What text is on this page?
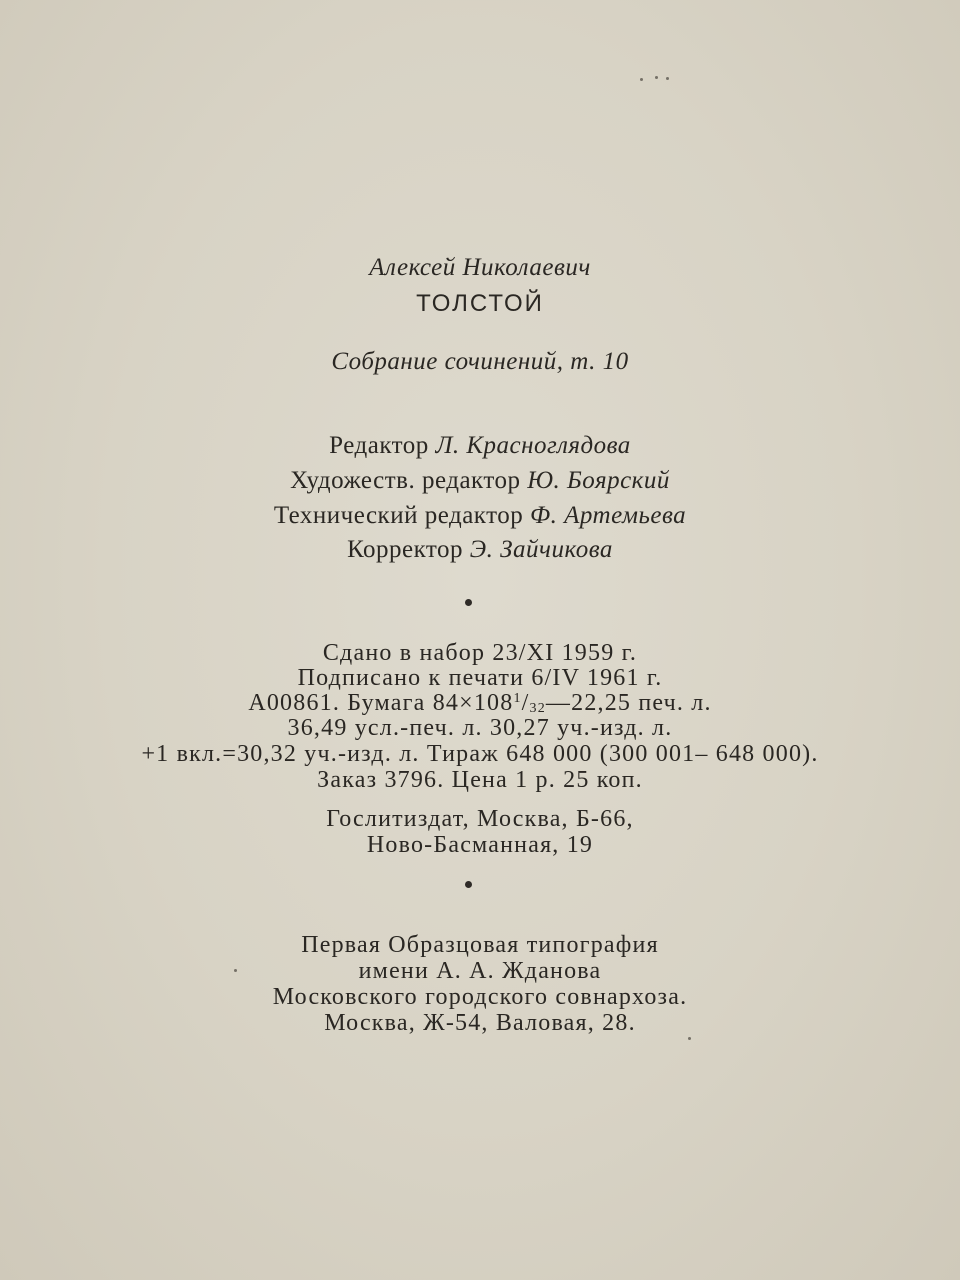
Алексей Николаевич
ТОЛСТОЙ
Собрание сочинений, т. 10
Редактор Л. Красноглядова
Художеств. редактор Ю. Боярский
Технический редактор Ф. Артемьева
Корректор Э. Зайчикова
Сдано в набор 23/XI 1959 г.
Подписано к печати 6/IV 1961 г.
А00861. Бумага $84\times 108^1/32—22,25$ печ. л.
36,49 усл.-печ. л. 30,27 уч.-изд. л.
+1 вкл.=30,32 уч.-изд. л. Тираж 648 000 (300 001– 648 000).
Заказ 3796. Цена 1 р. 25 коп.
Гослитиздат, Москва, Б-66,
Ново-Басманная, 19
Первая Образцовая типография
имени А. А. Жданова
Московского городского совнархоза.
Москва, Ж-54, Валовая, 28.
